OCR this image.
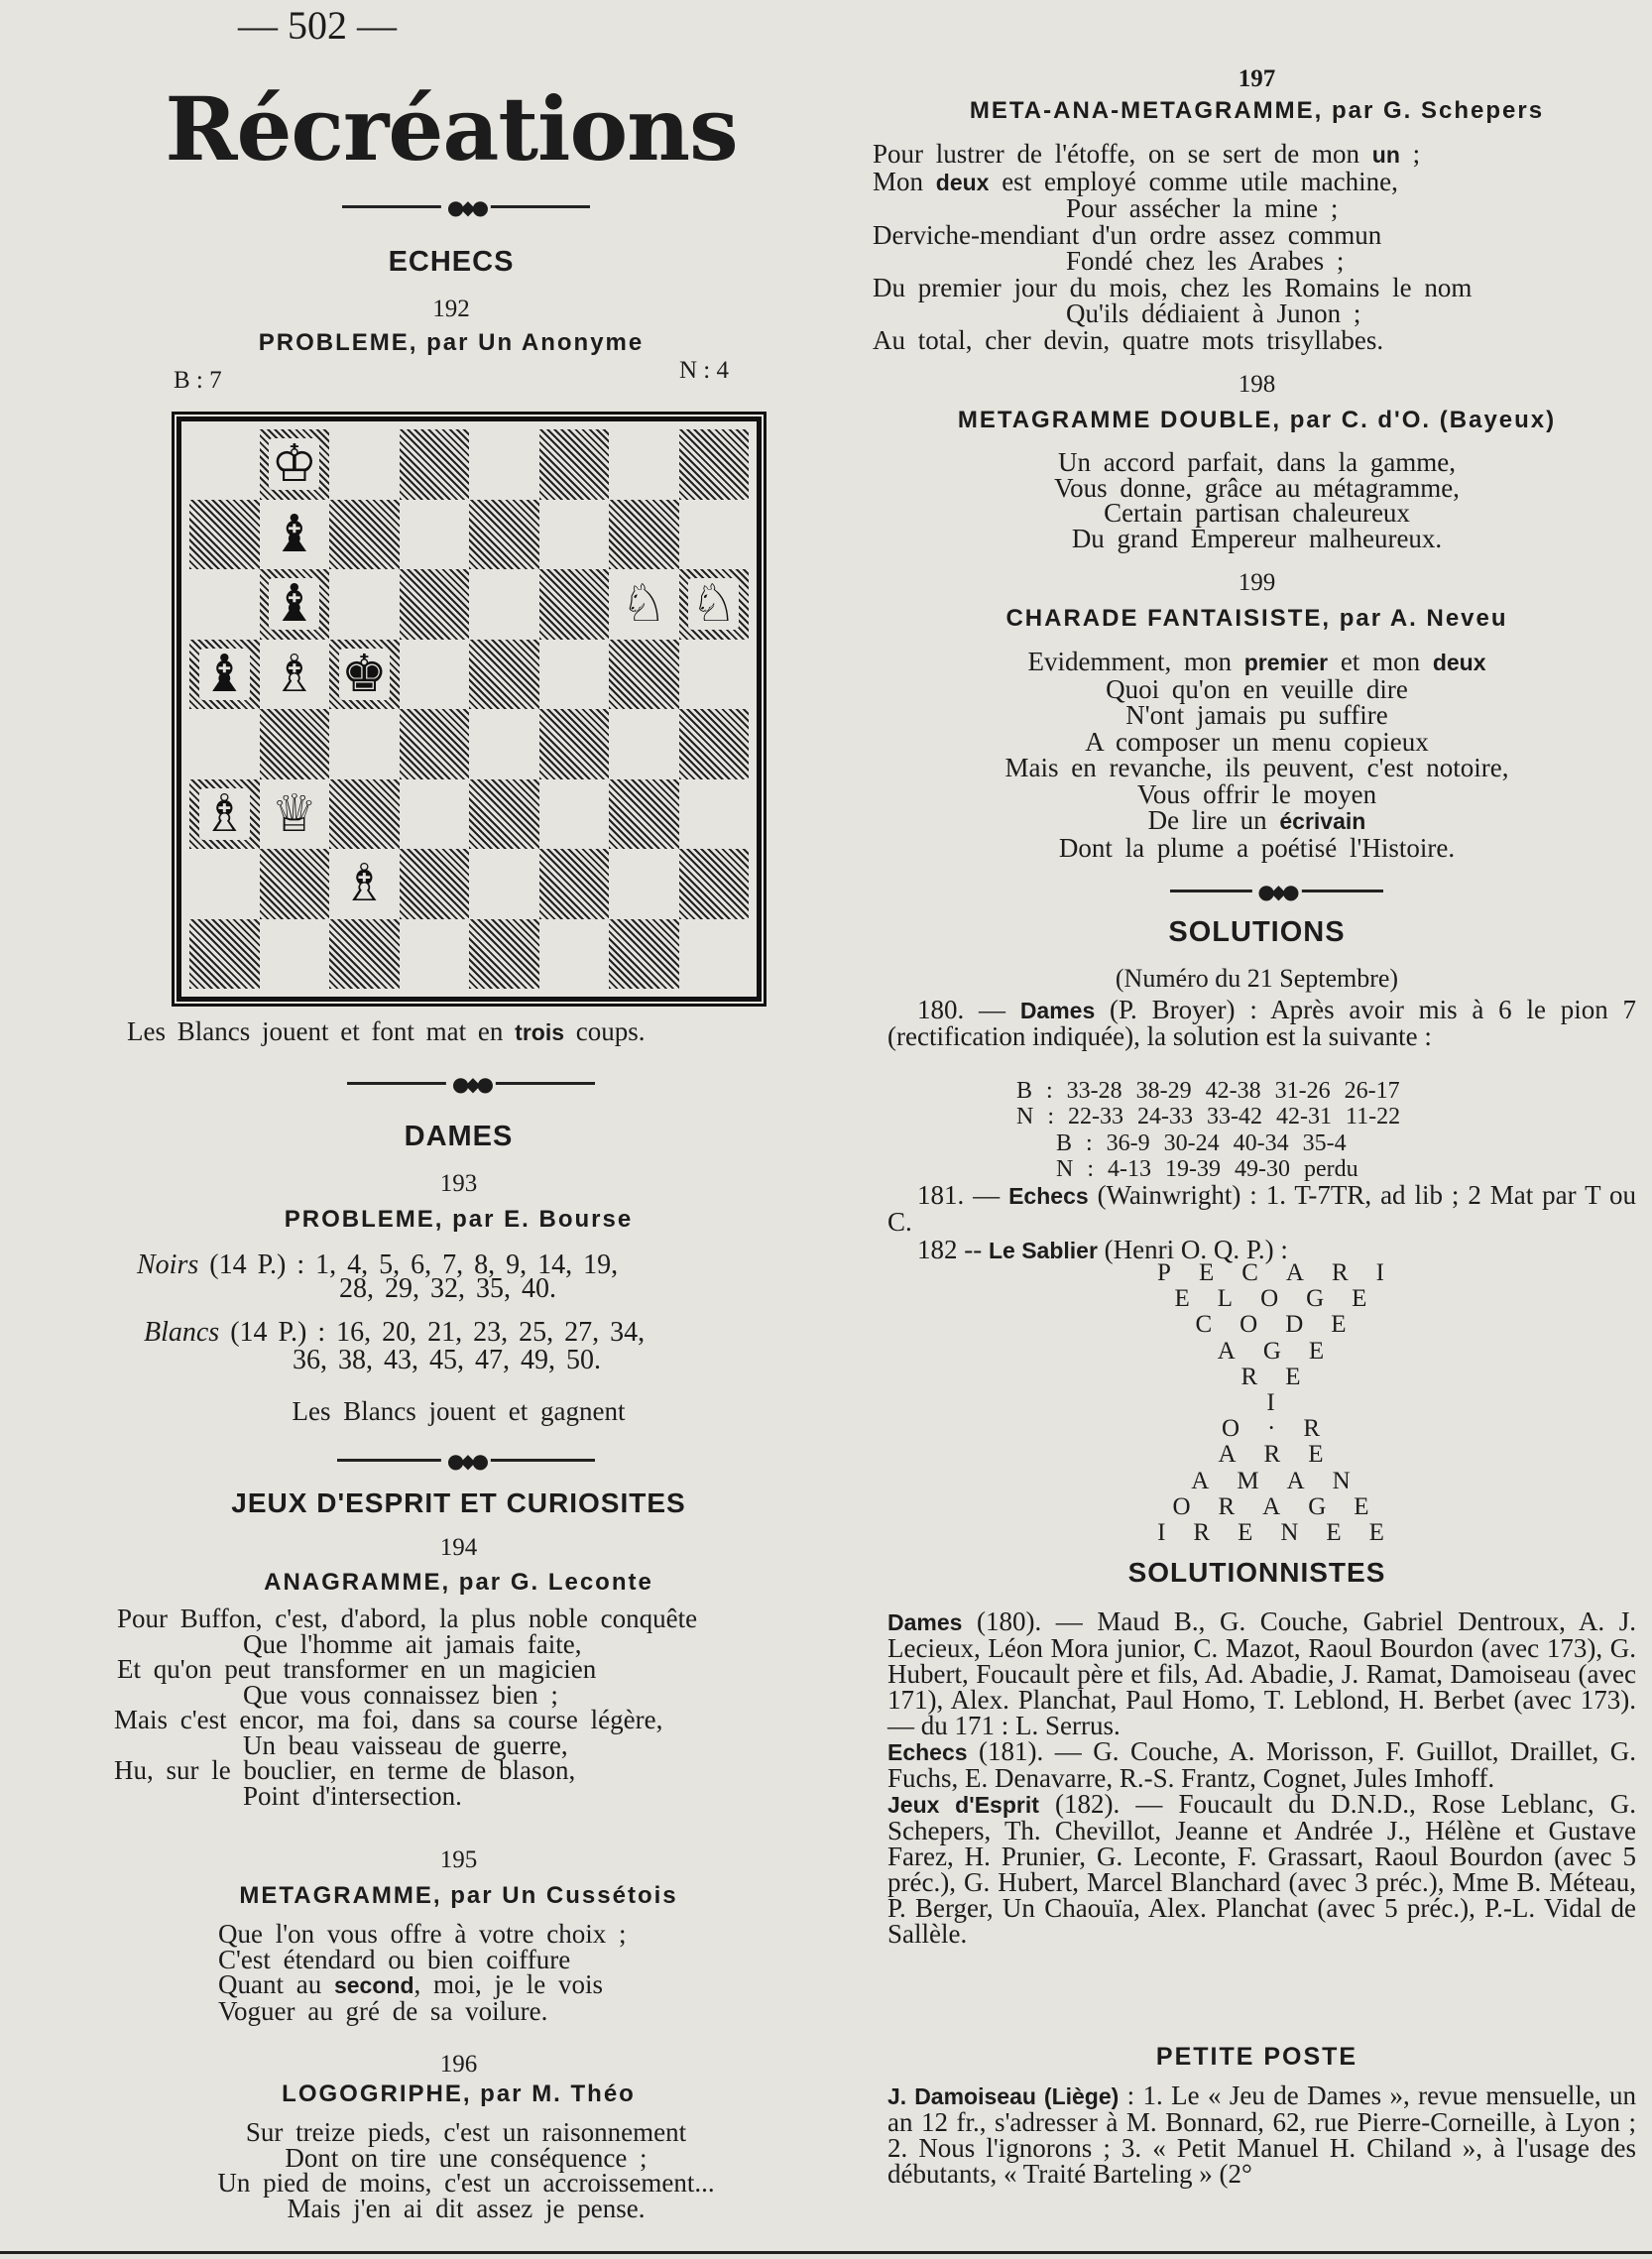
— 502 —
Récréations
●◆●
ECHECS
192
PROBLEME, par Un Anonyme
B : 7	N : 4
♔
♝
♝	♘ ♘
♝ ♗ ♚
♗ ♕
♗
Les Blancs jouent et font mat en trois coups.
●◆●
DAMES
193
PROBLEME, par E. Bourse
Noirs (14 P.) : 1, 4, 5, 6, 7, 8, 9, 14, 19,
28, 29, 32, 35, 40.
Blancs (14 P.) : 16, 20, 21, 23, 25, 27, 34,
36, 38, 43, 45, 47, 49, 50.
Les Blancs jouent et gagnent
●◆●
JEUX D'ESPRIT ET CURIOSITES
194
ANAGRAMME, par G. Leconte
Pour Buffon, c'est, d'abord, la plus noble conquête
Que l'homme ait jamais faite,
Et qu'on peut transformer en un magicien
Que vous connaissez bien ;
Mais c'est encor, ma foi, dans sa course légère,
Un beau vaisseau de guerre,
Hu, sur le bouclier, en terme de blason,
Point d'intersection.
195
METAGRAMME, par Un Cussétois
Que l'on vous offre à votre choix ;
C'est étendard ou bien coiffure
Quant au second, moi, je le vois
Voguer au gré de sa voilure.
196
LOGOGRIPHE, par M. Théo
Sur treize pieds, c'est un raisonnement
Dont on tire une conséquence ;
Un pied de moins, c'est un accroissement...
Mais j'en ai dit assez je pense.
197
META-ANA-METAGRAMME, par G. Schepers
Pour lustrer de l'étoffe, on se sert de mon un ;
Mon deux est employé comme utile machine,
Pour assécher la mine ;
Derviche-mendiant d'un ordre assez commun
Fondé chez les Arabes ;
Du premier jour du mois, chez les Romains le nom
Qu'ils dédiaient à Junon ;
Au total, cher devin, quatre mots trisyllabes.
198
METAGRAMME DOUBLE, par C. d'O. (Bayeux)
Un accord parfait, dans la gamme,
Vous donne, grâce au métagramme,
Certain partisan chaleureux
Du grand Empereur malheureux.
199
CHARADE FANTAISISTE, par A. Neveu
Evidemment, mon premier et mon deux
Quoi qu'on en veuille dire
N'ont jamais pu suffire
A composer un menu copieux
Mais en revanche, ils peuvent, c'est notoire,
Vous offrir le moyen
De lire un écrivain
Dont la plume a poétisé l'Histoire.
●◆●
SOLUTIONS
(Numéro du 21 Septembre)

180. — Dames (P. Broyer) : Après avoir mis à 6 le pion 7 (rectification indiquée), la solution est la suivante :

B : 33-28 38-29 42-38 31-26 26-17
N : 22-33 24-33 33-42 42-31 11-22
B : 36-9 30-24 40-34 35-4
N : 4-13 19-39 49-30 perdu

181. — Echecs (Wainwright) : 1. T-7TR, ad lib ; 2 Mat par T ou C.

182 -- Le Sablier (Henri O. Q. P.) :
PECARI
ELOGE
CODE
AGE
RE
I
O·R
ARE
AMAN
ORAGE
IRENEE
SOLUTIONNISTES

Dames (180). — Maud B., G. Couche, Gabriel Dentroux, A. J. Lecieux, Léon Mora junior, C. Mazot, Raoul Bourdon (avec 173), G. Hubert, Foucault père et fils, Ad. Abadie, J. Ramat, Damoiseau (avec 171), Alex. Planchat, Paul Homo, T. Leblond, H. Berbet (avec 173). — du 171 : L. Serrus.

Echecs (181). — G. Couche, A. Morisson, F. Guillot, Draillet, G. Fuchs, E. Denavarre, R.-S. Frantz, Cognet, Jules Imhoff.

Jeux d'Esprit (182). — Foucault du D.N.D., Rose Leblanc, G. Schepers, Th. Chevillot, Jeanne et Andrée J., Hélène et Gustave Farez, H. Prunier, G. Leconte, F. Grassart, Raoul Bourdon (avec 5 préc.), G. Hubert, Marcel Blanchard (avec 3 préc.), Mme B. Méteau, P. Berger, Un Chaouïa, Alex. Planchat (avec 5 préc.), P.-L. Vidal de Sallèle.

PETITE POSTE

J. Damoiseau (Liège) : 1. Le « Jeu de Dames », revue mensuelle, un an 12 fr., s'adresser à M. Bonnard, 62, rue Pierre-Corneille, à Lyon ; 2. Nous l'ignorons ; 3. « Petit Manuel H. Chiland », à l'usage des débutants, « Traité Barteling » (2°
